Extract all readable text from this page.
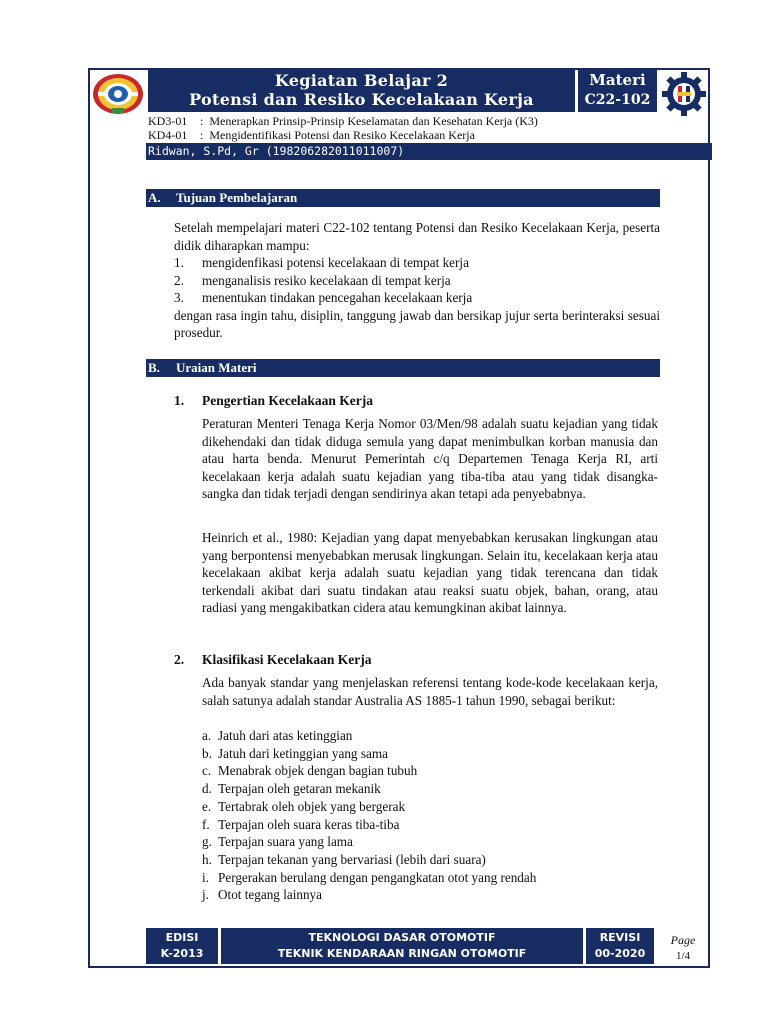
Kegiatan Belajar 2
Potensi dan Resiko Kecelakaan Kerja
Materi
C22-102
KD3-01 : Menerapkan Prinsip-Prinsip Keselamatan dan Kesehatan Kerja (K3)
KD4-01 : Mengidentifikasi Potensi dan Resiko Kecelakaan Kerja
Ridwan, S.Pd, Gr (198206282011011007)
A. Tujuan Pembelajaran

Setelah mempelajari materi C22-102 tentang Potensi dan Resiko Kecelakaan Kerja, peserta didik diharapkan mampu:

1.	mengidenfikasi potensi kecelakaan di tempat kerja
2.	menganalisis resiko kecelakaan di tempat kerja
3.	menentukan tindakan pencegahan kecelakaan kerja

dengan rasa ingin tahu, disiplin, tanggung jawab dan bersikap jujur serta berinteraksi sesuai prosedur.

B. Uraian Materi
1. Pengertian Kecelakaan Kerja
Peraturan Menteri Tenaga Kerja Nomor 03/Men/98 adalah suatu kejadian yang tidak dikehendaki dan tidak diduga semula yang dapat menimbulkan korban manusia dan atau harta benda. Menurut Pemerintah c/q Departemen Tenaga Kerja RI, arti kecelakaan kerja adalah suatu kejadian yang tiba-tiba atau yang tidak disangka-sangka dan tidak terjadi dengan sendirinya akan tetapi ada penyebabnya.
Heinrich et al., 1980: Kejadian yang dapat menyebabkan kerusakan lingkungan atau yang berpontensi menyebabkan merusak lingkungan. Selain itu, kecelakaan kerja atau kecelakaan akibat kerja adalah suatu kejadian yang tidak terencana dan tidak terkendali akibat dari suatu tindakan atau reaksi suatu objek, bahan, orang, atau radiasi yang mengakibatkan cidera atau kemungkinan akibat lainnya.
2. Klasifikasi Kecelakaan Kerja
Ada banyak standar yang menjelaskan referensi tentang kode-kode kecelakaan kerja, salah satunya adalah standar Australia AS 1885-1 tahun 1990, sebagai berikut:
a. Jatuh dari atas ketinggian
b. Jatuh dari ketinggian yang sama
c. Menabrak objek dengan bagian tubuh
d. Terpajan oleh getaran mekanik
e. Tertabrak oleh objek yang bergerak
f. Terpajan oleh suara keras tiba-tiba
g. Terpajan suara yang lama
h. Terpajan tekanan yang bervariasi (lebih dari suara)
i. Pergerakan berulang dengan pengangkatan otot yang rendah
j. Otot tegang lainnya
EDISI
K-2013
TEKNOLOGI DASAR OTOMOTIF
TEKNIK KENDARAAN RINGAN OTOMOTIF
REVISI
00-2020
Page
1/4
